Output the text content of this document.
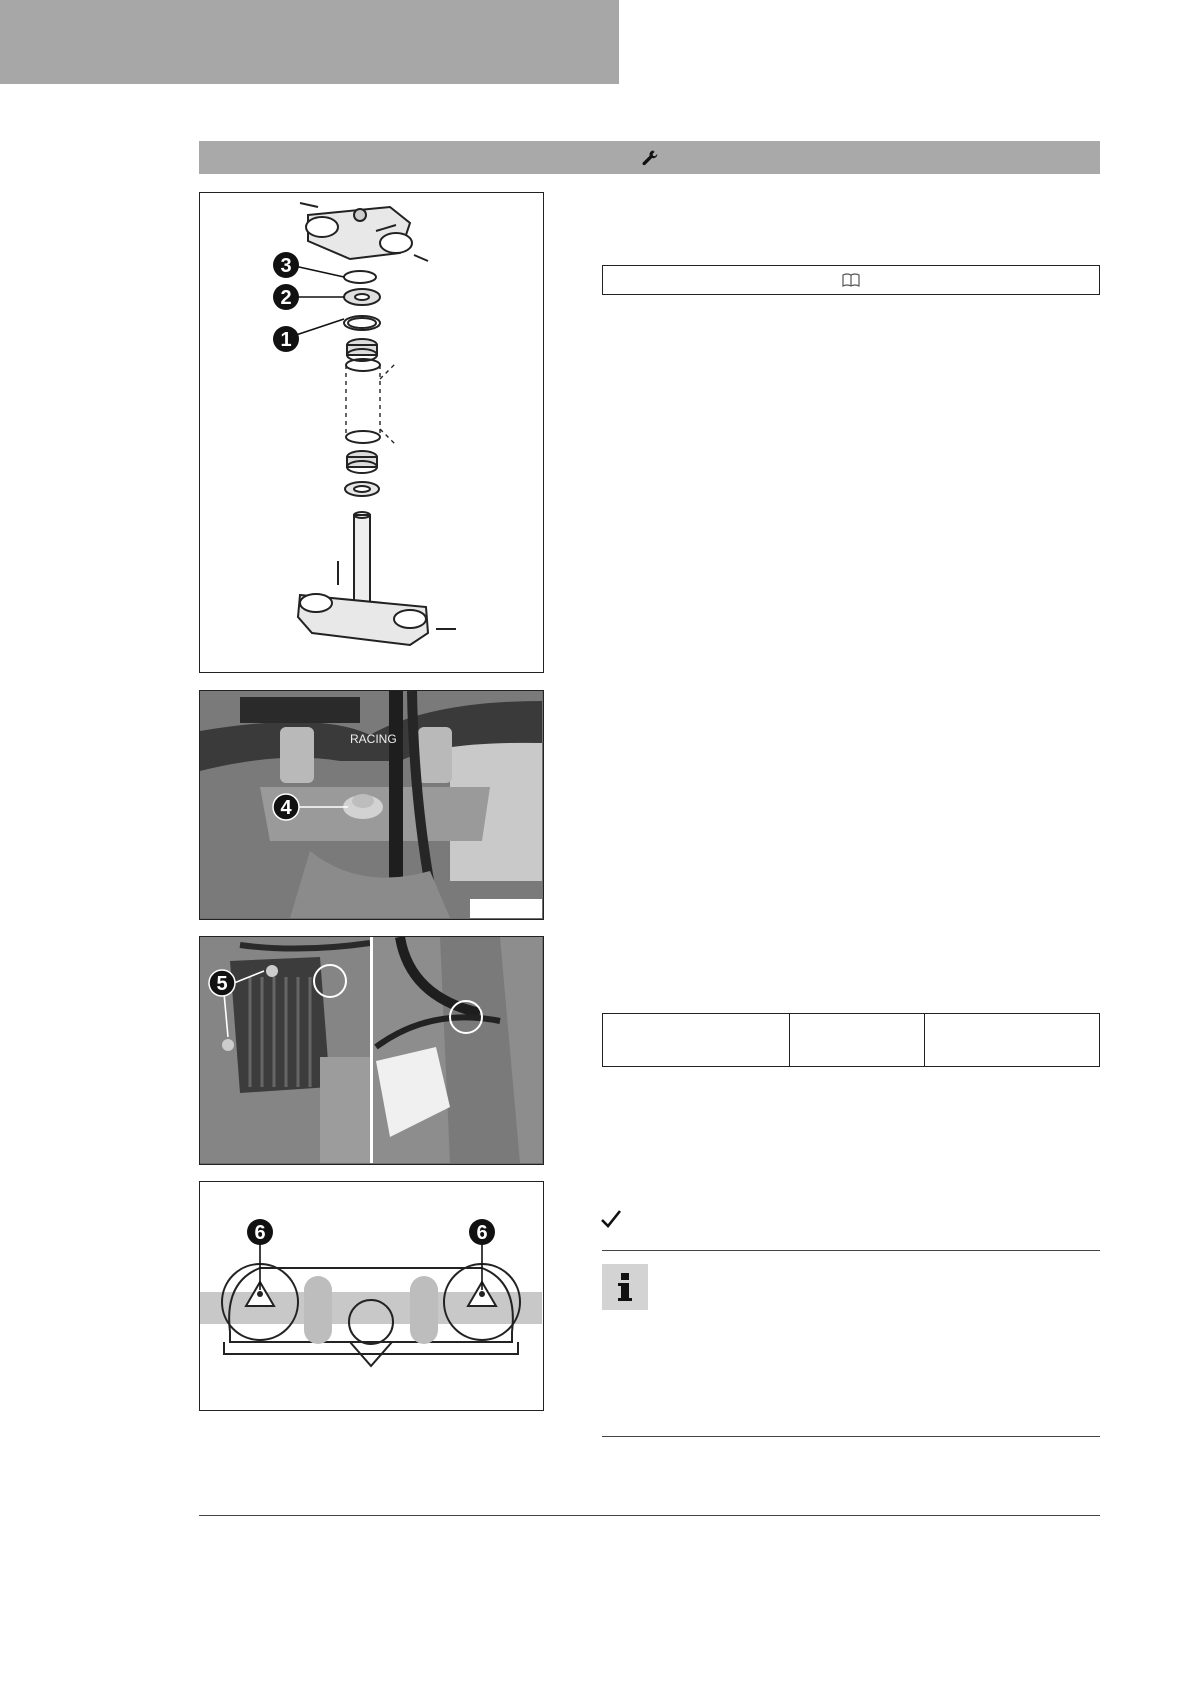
3
2
1
RACING
4
5
6	6
